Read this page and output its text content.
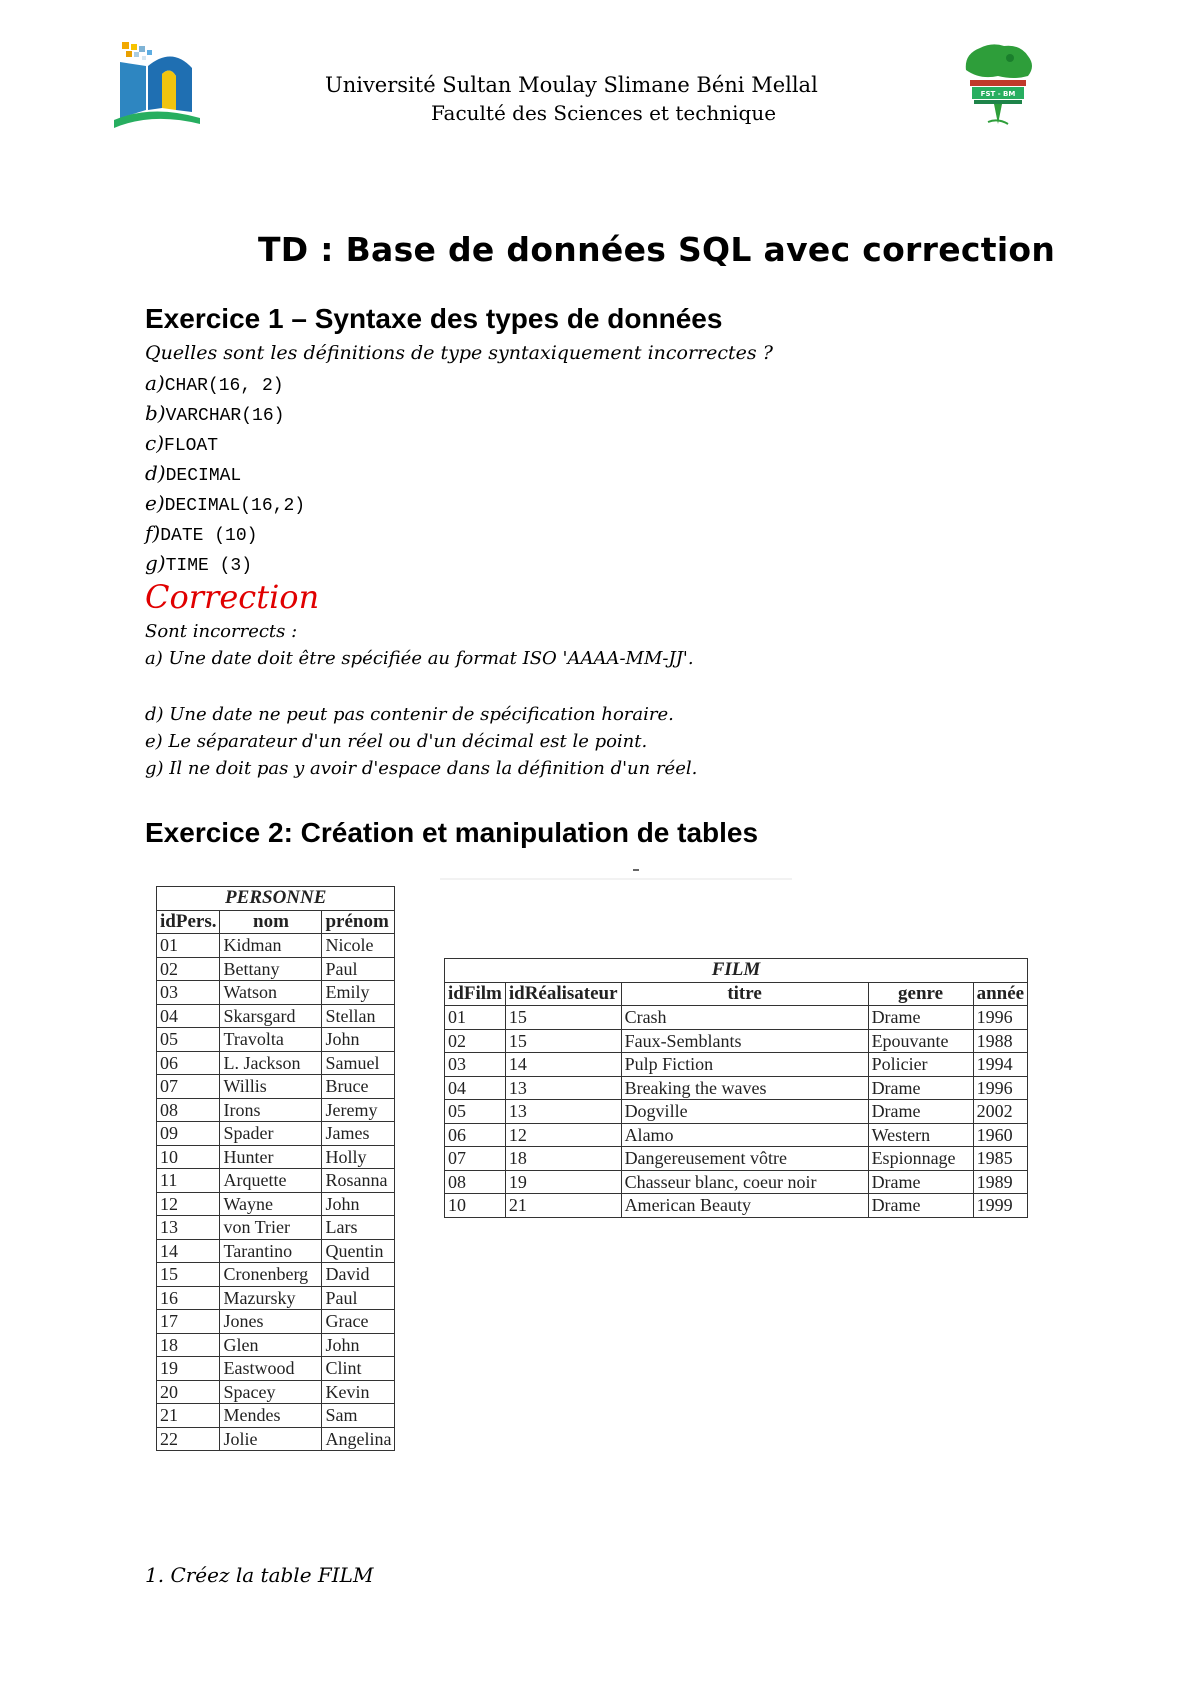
FST - BM
Université Sultan Moulay Slimane Béni Mellal
Faculté des Sciences et technique
TD : Base de données SQL avec correction
Exercice 1 – Syntaxe des types de données
Quelles sont les définitions de type syntaxiquement incorrectes ?
a)CHAR(16, 2)
b)VARCHAR(16)
c)FLOAT
d)DECIMAL
e)DECIMAL(16,2)
f)DATE (10)
g)TIME (3)
Correction
Sont incorrects :
a) Une date doit être spécifiée au format ISO 'AAAA-MM-JJ'.
d) Une date ne peut pas contenir de spécification horaire.
e) Le séparateur d'un réel ou d'un décimal est le point.
g) Il ne doit pas y avoir d'espace dans la définition d'un réel.
Exercice 2: Création et manipulation de tables
PERSONNE		
idPers.	nom	prénom
01	Kidman	Nicole
02	Bettany	Paul
03	Watson	Emily
04	Skarsgard	Stellan
05	Travolta	John
06	L. Jackson	Samuel
07	Willis	Bruce
08	Irons	Jeremy
09	Spader	James
10	Hunter	Holly
11	Arquette	Rosanna
12	Wayne	John
13	von Trier	Lars
14	Tarantino	Quentin
15	Cronenberg	David
16	Mazursky	Paul
17	Jones	Grace
18	Glen	John
19	Eastwood	Clint
20	Spacey	Kevin
21	Mendes	Sam
22	Jolie	Angelina
FILM				
idFilm	idRéalisateur	titre	genre	année
01	15	Crash	Drame	1996
02	15	Faux-Semblants	Epouvante	1988
03	14	Pulp Fiction	Policier	1994
04	13	Breaking the waves	Drame	1996
05	13	Dogville	Drame	2002
06	12	Alamo	Western	1960
07	18	Dangereusement vôtre	Espionnage	1985
08	19	Chasseur blanc, coeur noir	Drame	1989
10	21	American Beauty	Drame	1999
1. Créez la table FILM
